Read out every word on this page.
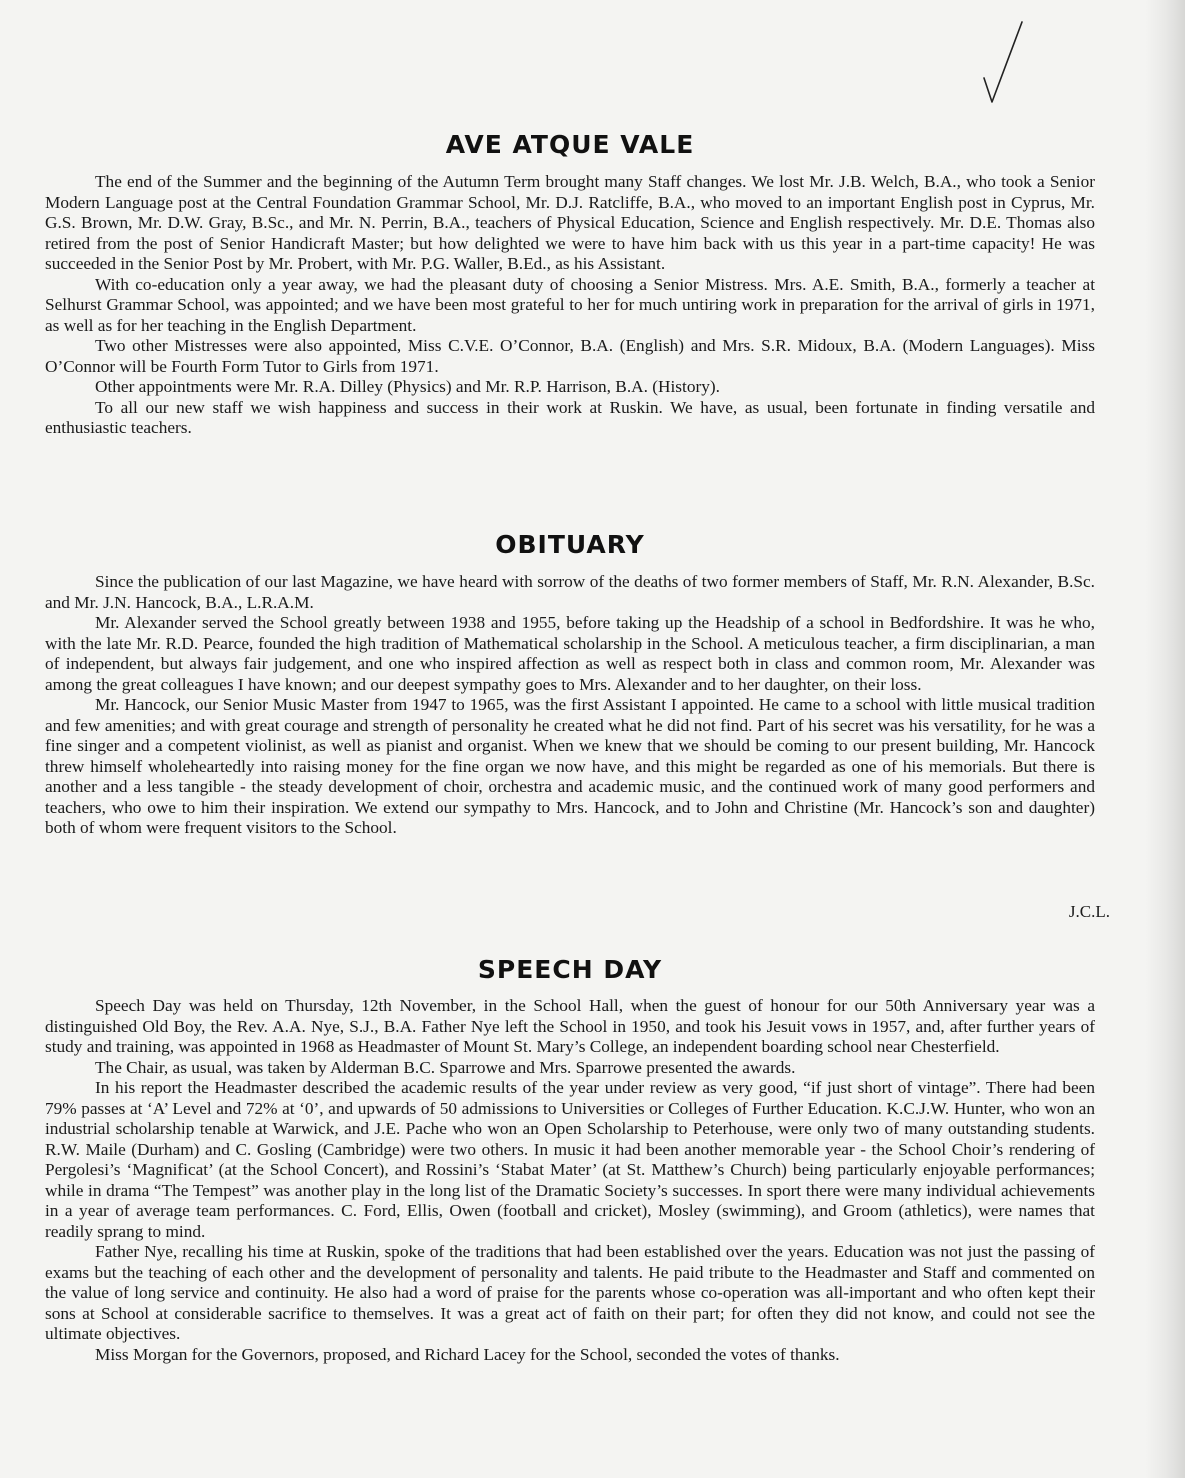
AVE ATQUE VALE

The end of the Summer and the beginning of the Autumn Term brought many Staff changes. We lost Mr. J.B. Welch, B.A., who took a Senior Modern Language post at the Central Foundation Grammar School, Mr. D.J. Ratcliffe, B.A., who moved to an important English post in Cyprus, Mr. G.S. Brown, Mr. D.W. Gray, B.Sc., and Mr. N. Perrin, B.A., teachers of Physical Education, Science and English respectively. Mr. D.E. Thomas also retired from the post of Senior Handicraft Master; but how delighted we were to have him back with us this year in a part-time capacity! He was succeeded in the Senior Post by Mr. Probert, with Mr. P.G. Waller, B.Ed., as his Assistant.

With co-education only a year away, we had the pleasant duty of choosing a Senior Mistress. Mrs. A.E. Smith, B.A., formerly a teacher at Selhurst Grammar School, was appointed; and we have been most grateful to her for much untiring work in preparation for the arrival of girls in 1971, as well as for her teaching in the English Department.

Two other Mistresses were also appointed, Miss C.V.E. O’Connor, B.A. (English) and Mrs. S.R. Midoux, B.A. (Modern Languages). Miss O’Connor will be Fourth Form Tutor to Girls from 1971.

Other appointments were Mr. R.A. Dilley (Physics) and Mr. R.P. Harrison, B.A. (History).

To all our new staff we wish happiness and success in their work at Ruskin. We have, as usual, been fortunate in finding versatile and enthusiastic teachers.

OBITUARY

Since the publication of our last Magazine, we have heard with sorrow of the deaths of two former members of Staff, Mr. R.N. Alexander, B.Sc. and Mr. J.N. Hancock, B.A., L.R.A.M.

Mr. Alexander served the School greatly between 1938 and 1955, before taking up the Headship of a school in Bedfordshire. It was he who, with the late Mr. R.D. Pearce, founded the high tradition of Mathematical scholarship in the School. A meticulous teacher, a firm disciplinarian, a man of independent, but always fair judgement, and one who inspired affection as well as respect both in class and common room, Mr. Alexander was among the great colleagues I have known; and our deepest sympathy goes to Mrs. Alexander and to her daughter, on their loss.

Mr. Hancock, our Senior Music Master from 1947 to 1965, was the first Assistant I appointed. He came to a school with little musical tradition and few amenities; and with great courage and strength of personality he created what he did not find. Part of his secret was his versatility, for he was a fine singer and a competent violinist, as well as pianist and organist. When we knew that we should be coming to our present building, Mr. Hancock threw himself wholeheartedly into raising money for the fine organ we now have, and this might be regarded as one of his memorials. But there is another and a less tangible - the steady development of choir, orchestra and academic music, and the continued work of many good performers and teachers, who owe to him their inspiration. We extend our sympathy to Mrs. Hancock, and to John and Christine (Mr. Hancock’s son and daughter) both of whom were frequent visitors to the School.

J.C.L.
SPEECH DAY

Speech Day was held on Thursday, 12th November, in the School Hall, when the guest of honour for our 50th Anniversary year was a distinguished Old Boy, the Rev. A.A. Nye, S.J., B.A. Father Nye left the School in 1950, and took his Jesuit vows in 1957, and, after further years of study and training, was appointed in 1968 as Headmaster of Mount St. Mary’s College, an independent boarding school near Chesterfield.

The Chair, as usual, was taken by Alderman B.C. Sparrowe and Mrs. Sparrowe presented the awards.

In his report the Headmaster described the academic results of the year under review as very good, “if just short of vintage”. There had been 79% passes at ‘A’ Level and 72% at ‘0’, and upwards of 50 admissions to Universities or Colleges of Further Education. K.C.J.W. Hunter, who won an industrial scholarship tenable at Warwick, and J.E. Pache who won an Open Scholarship to Peterhouse, were only two of many outstanding students. R.W. Maile (Durham) and C. Gosling (Cambridge) were two others. In music it had been another memorable year - the School Choir’s rendering of Pergolesi’s ‘Magnificat’ (at the School Concert), and Rossini’s ‘Stabat Mater’ (at St. Matthew’s Church) being particularly enjoyable performances; while in drama “The Tempest” was another play in the long list of the Dramatic Society’s successes. In sport there were many individual achievements in a year of average team performances. C. Ford, Ellis, Owen (football and cricket), Mosley (swimming), and Groom (athletics), were names that readily sprang to mind.

Father Nye, recalling his time at Ruskin, spoke of the traditions that had been established over the years. Education was not just the passing of exams but the teaching of each other and the development of personality and talents. He paid tribute to the Headmaster and Staff and commented on the value of long service and continuity. He also had a word of praise for the parents whose co-operation was all-important and who often kept their sons at School at considerable sacrifice to themselves. It was a great act of faith on their part; for often they did not know, and could not see the ultimate objectives.

Miss Morgan for the Governors, proposed, and Richard Lacey for the School, seconded the votes of thanks.
